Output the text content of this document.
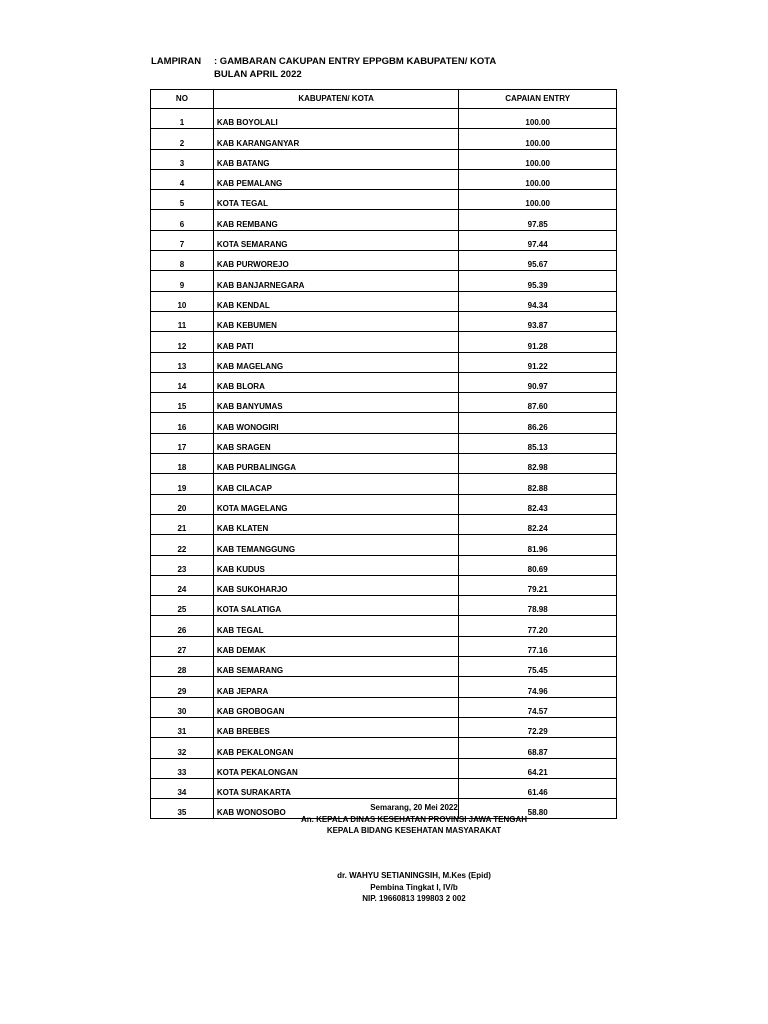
LAMPIRAN	: GAMBARAN CAKUPAN ENTRY EPPGBM KABUPATEN/ KOTA
BULAN APRIL 2022
NO	KABUPATEN/ KOTA	CAPAIAN ENTRY
1	KAB BOYOLALI	100.00
2	KAB KARANGANYAR	100.00
3	KAB BATANG	100.00
4	KAB PEMALANG	100.00
5	KOTA TEGAL	100.00
6	KAB REMBANG	97.85
7	KOTA SEMARANG	97.44
8	KAB PURWOREJO	95.67
9	KAB BANJARNEGARA	95.39
10	KAB KENDAL	94.34
11	KAB KEBUMEN	93.87
12	KAB PATI	91.28
13	KAB MAGELANG	91.22
14	KAB BLORA	90.97
15	KAB BANYUMAS	87.60
16	KAB WONOGIRI	86.26
17	KAB SRAGEN	85.13
18	KAB PURBALINGGA	82.98
19	KAB CILACAP	82.88
20	KOTA MAGELANG	82.43
21	KAB KLATEN	82.24
22	KAB TEMANGGUNG	81.96
23	KAB KUDUS	80.69
24	KAB SUKOHARJO	79.21
25	KOTA SALATIGA	78.98
26	KAB TEGAL	77.20
27	KAB DEMAK	77.16
28	KAB SEMARANG	75.45
29	KAB JEPARA	74.96
30	KAB GROBOGAN	74.57
31	KAB BREBES	72.29
32	KAB PEKALONGAN	68.87
33	KOTA PEKALONGAN	64.21
34	KOTA SURAKARTA	61.46
35	KAB WONOSOBO	58.80
Semarang, 20 Mei 2022
An. KEPALA DINAS KESEHATAN PROVINSI JAWA TENGAH
KEPALA BIDANG KESEHATAN MASYARAKAT
dr. WAHYU SETIANINGSIH, M.Kes (Epid)
Pembina Tingkat I, IV/b
NIP. 19660813 199803 2 002
